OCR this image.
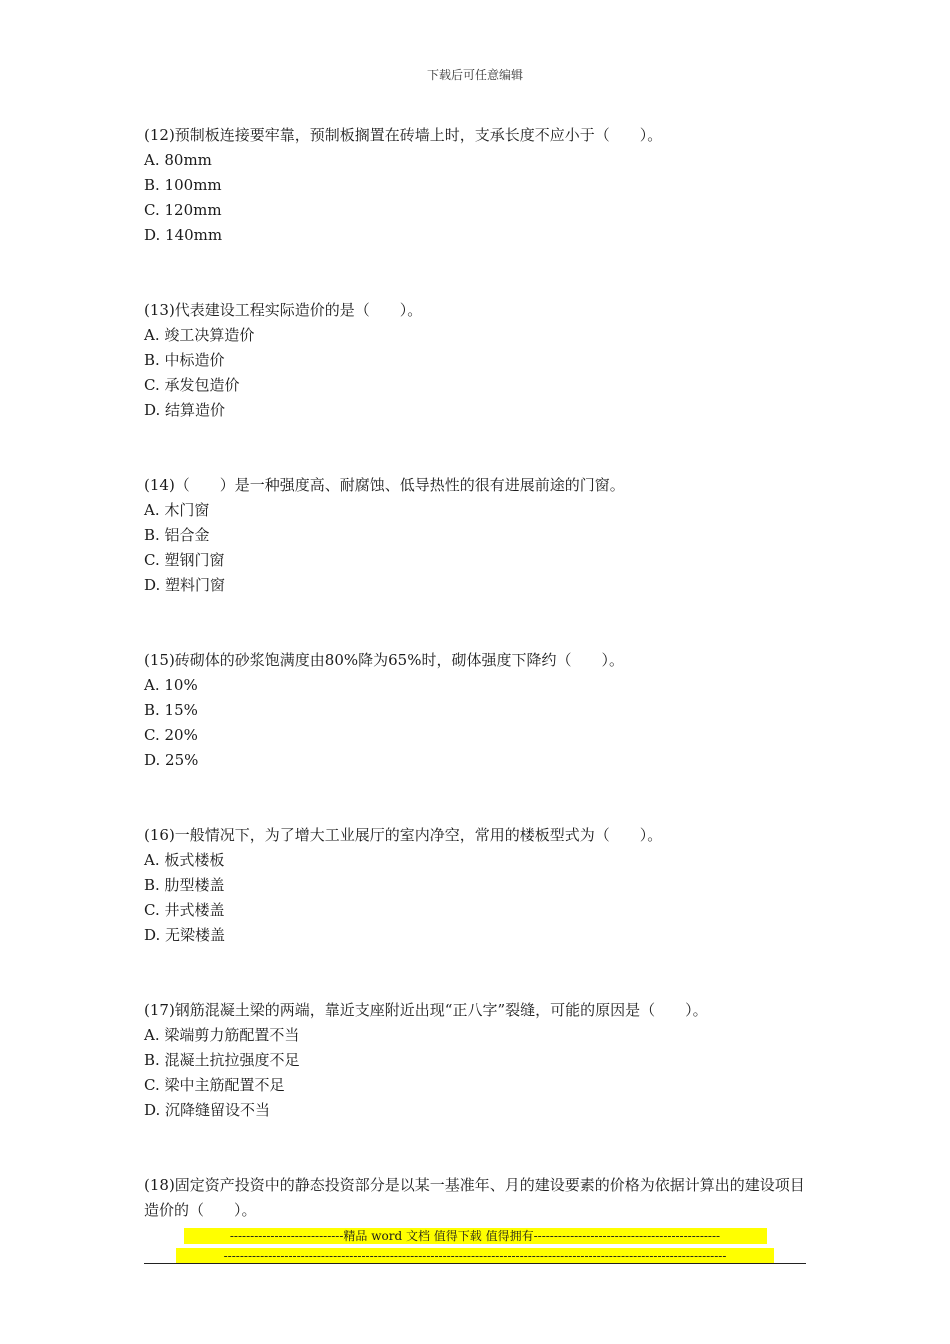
下载后可任意编辑

(12)预制板连接要牢靠，预制板搁置在砖墙上时，支承长度不应小于（　　）。

A. 80mm

B. 100mm

C. 120mm

D. 140mm

(13)代表建设工程实际造价的是（　　）。

A. 竣工决算造价

B. 中标造价

C. 承发包造价

D. 结算造价

(14)（　　）是一种强度高、耐腐蚀、低导热性的很有进展前途的门窗。

A. 木门窗

B. 铝合金

C. 塑钢门窗

D. 塑料门窗

(15)砖砌体的砂浆饱满度由80%降为65%时，砌体强度下降约（　　）。

A. 10%

B. 15%

C. 20%

D. 25%

(16)一般情况下，为了增大工业展厅的室内净空，常用的楼板型式为（　　）。

A. 板式楼板

B. 肋型楼盖

C. 井式楼盖

D. 无梁楼盖

(17)钢筋混凝土梁的两端，靠近支座附近出现“正八字”裂缝，可能的原因是（　　）。

A. 梁端剪力筋配置不当

B. 混凝土抗拉强度不足

C. 梁中主筋配置不足

D. 沉降缝留设不当

(18)固定资产投资中的静态投资部分是以某一基准年、月的建设要素的价格为依据计算出的建设项目造价的（　　）。

----------------------------精品 word 文档 值得下载 值得拥有----------------------------------------------
----------------------------------------------------------------------------------------------------------------------------
